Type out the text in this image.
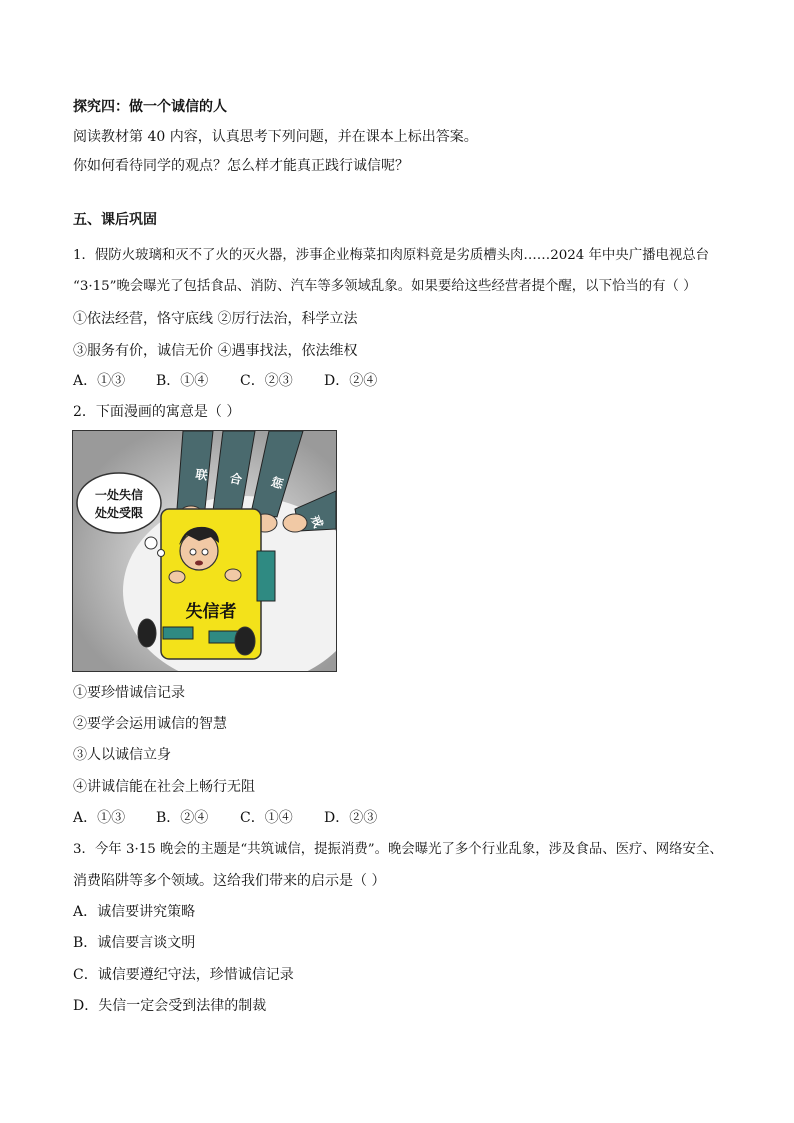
探究四：做一个诚信的人
阅读教材第 40 内容，认真思考下列问题，并在课本上标出答案。
你如何看待同学的观点？怎么样才能真正践行诚信呢？
五、课后巩固
1．假防火玻璃和灭不了火的灭火器，涉事企业梅菜扣肉原料竟是劣质槽头肉……2024 年中央广播电视总台
“3·15”晚会曝光了包括食品、消防、汽车等多领域乱象。如果要给这些经营者提个醒，以下恰当的有（ ）
①依法经营，恪守底线 ②厉行法治，科学立法
③服务有价，诚信无价 ④遇事找法，依法维权
A．①③ B．①④ C．②③ D．②④
2．下面漫画的寓意是（ ）
联 合 惩
戒
失信者
一处失信
处处受限
①要珍惜诚信记录
②要学会运用诚信的智慧
③人以诚信立身
④讲诚信能在社会上畅行无阻
A．①③ B．②④ C．①④ D．②③
3．今年 3·15 晚会的主题是“共筑诚信，提振消费”。晚会曝光了多个行业乱象，涉及食品、医疗、网络安全、
消费陷阱等多个领域。这给我们带来的启示是（ ）
A．诚信要讲究策略
B．诚信要言谈文明
C．诚信要遵纪守法，珍惜诚信记录
D．失信一定会受到法律的制裁
